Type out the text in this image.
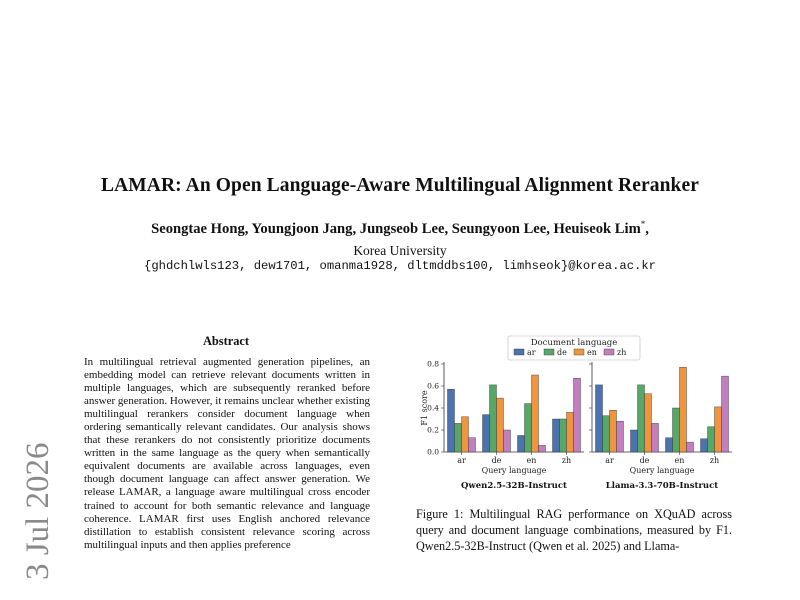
3 Jul 2026
LAMAR: An Open Language-Aware Multilingual Alignment Reranker
Seongtae Hong, Youngjoon Jang, Jungseob Lee, Seungyoon Lee, Heuiseok Lim*,
Korea University
{ghdchlwls123, dew1701, omanma1928, dltmddbs100, limhseok}@korea.ac.kr
Abstract
In multilingual retrieval augmented generation pipelines, an embedding model can retrieve relevant documents written in multiple languages, which are subsequently reranked before answer generation. However, it remains unclear whether existing multilingual rerankers consider document language when ordering semantically relevant candidates. Our analysis shows that these rerankers do not consistently prioritize documents written in the same language as the query when semantically equivalent documents are available across languages, even though document language can affect answer generation. We release LAMAR, a language aware multilingual cross encoder trained to account for both semantic relevance and language coherence. LAMAR first uses English anchored relevance distillation to establish consistent relevance scoring across multilingual inputs and then applies preference
Document language
ar	de	en	zh
0.0
0.2
0.4
0.6
0.8
ar	de	en	zh
Query language
Qwen2.5-32B-Instruct
ar	de	en	zh
Query language
Llama-3.3-70B-Instruct
F1 score
Figure 1: Multilingual RAG performance on XQuAD across query and document language combinations, measured by F1. Qwen2.5-32B-Instruct (Qwen et al. 2025) and Llama-
